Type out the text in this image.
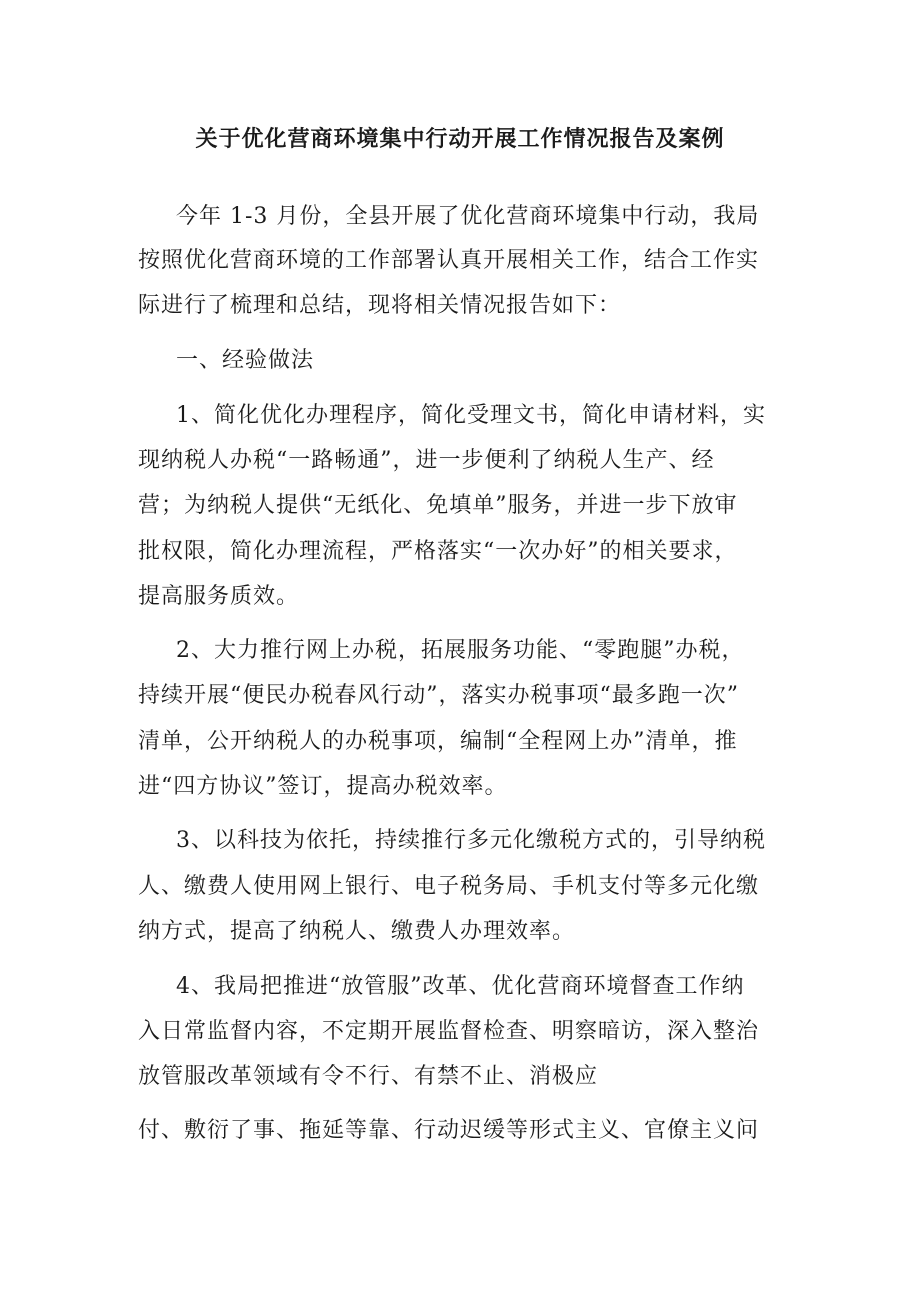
关于优化营商环境集中行动开展工作情况报告及案例

今年 1-3 月份，全县开展了优化营商环境集中行动，我局

按照优化营商环境的工作部署认真开展相关工作，结合工作实

际进行了梳理和总结，现将相关情况报告如下：

一、经验做法

1、简化优化办理程序，简化受理文书，简化申请材料，实

现纳税人办税“一路畅通”，进一步便利了纳税人生产、经

营；为纳税人提供“无纸化、免填单”服务，并进一步下放审

批权限，简化办理流程，严格落实“一次办好”的相关要求，

提高服务质效。

2、大力推行网上办税，拓展服务功能、“零跑腿”办税，

持续开展“便民办税春风行动”，落实办税事项“最多跑一次”

清单，公开纳税人的办税事项，编制“全程网上办”清单，推

进“四方协议”签订，提高办税效率。

3、以科技为依托，持续推行多元化缴税方式的，引导纳税

人、缴费人使用网上银行、电子税务局、手机支付等多元化缴

纳方式，提高了纳税人、缴费人办理效率。

4、我局把推进“放管服”改革、优化营商环境督查工作纳

入日常监督内容，不定期开展监督检查、明察暗访，深入整治

放管服改革领域有令不行、有禁不止、消极应

付、敷衍了事、拖延等靠、行动迟缓等形式主义、官僚主义问
